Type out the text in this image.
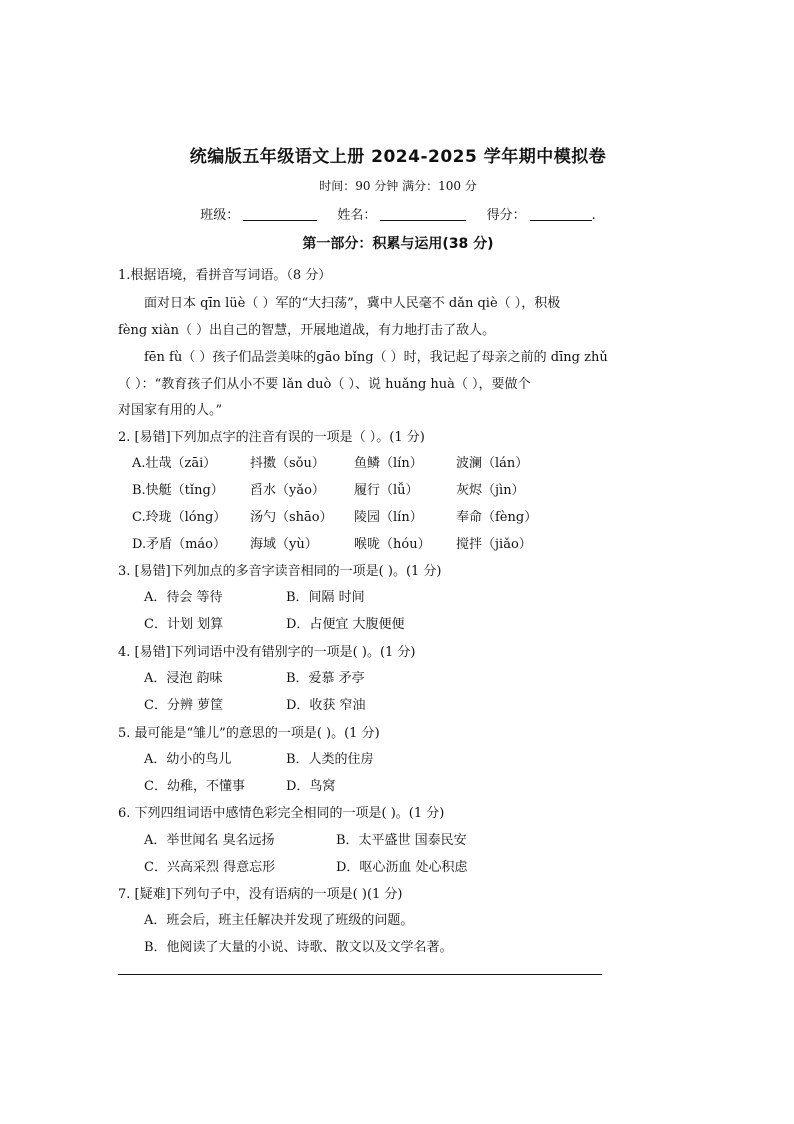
统编版五年级语文上册 2024-2025 学年期中模拟卷
时间：90 分钟 满分：100 分
班级：	姓名：	得分：	.
第一部分：积累与运用(38 分)
1.根据语境，看拼音写词语。（8 分）
面对日本 qīn lüè（ ）军的“大扫荡”，冀中人民毫不 dǎn qiè（ ），积极
fèng xiàn（ ）出自己的智慧，开展地道战，有力地打击了敌人。
fēn fù（ ）孩子们品尝美味的gāo bǐng（ ）时，我记起了母亲之前的 dīng zhǔ
（ ）：“教育孩子们从小不要 lǎn duò（ ）、说 huǎng huà（ ），要做个
对国家有用的人。”
2. [易错]下列加点字的注音有误的一项是（ ）。(1 分)
A.壮哉（zāi）	抖擞（sǒu）	鱼鳞（lín）	波澜（lán）
B.快艇（tǐng）	舀水（yǎo）	履行（lǚ）	灰烬（jìn）
C.玲珑（lóng）	汤勺（shāo）	陵园（lín）	奉命（fèng）
D.矛盾（máo）	海域（yù）	喉咙（hóu）	搅拌（jiǎo）
3. [易错]下列加点的多音字读音相同的一项是( )。(1 分)
A．待会 等待	B．间隔 时间
C．计划 划算	D．占便宜 大腹便便
4. [易错]下列词语中没有错别字的一项是( )。(1 分)
A．浸泡 韵味	B．爱慕 矛亭
C．分辨 萝筐	D．收获 窄油
5. 最可能是“雏儿”的意思的一项是( )。(1 分)
A．幼小的鸟儿	B．人类的住房
C．幼稚，不懂事	D．鸟窝
6. 下列四组词语中感情色彩完全相同的一项是( )。(1 分)
A．举世闻名 臭名远扬	B．太平盛世 国泰民安
C．兴高采烈 得意忘形	D．呕心沥血 处心积虑
7. [疑难]下列句子中，没有语病的一项是( )(1 分)
A．班会后，班主任解决并发现了班级的问题。
B．他阅读了大量的小说、诗歌、散文以及文学名著。
